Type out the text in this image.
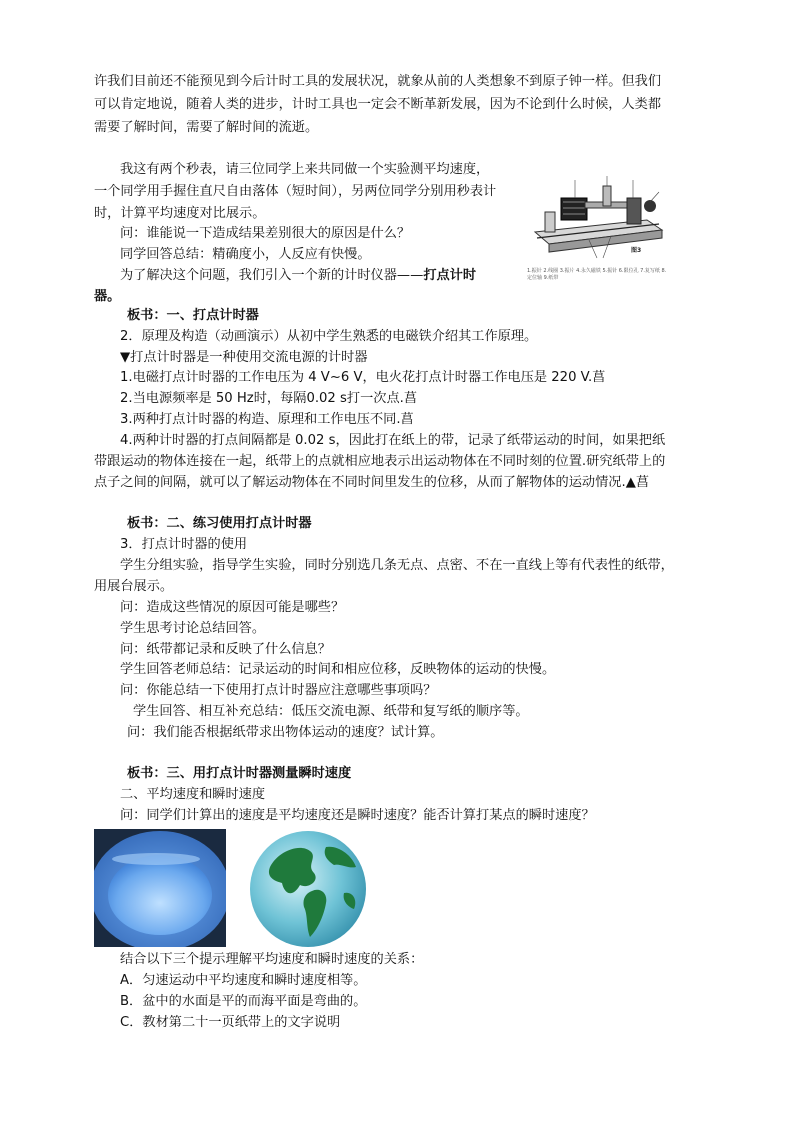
许我们目前还不能预见到今后计时工具的发展状况，就象从前的人类想象不到原子钟一样。但我们
可以肯定地说，随着人类的进步，计时工具也一定会不断革新发展，因为不论到什么时候，人类都
需要了解时间，需要了解时间的流逝。
我这有两个秒表，请三位同学上来共同做一个实验测平均速度，
一个同学用手握住直尺自由落体（短时间），另两位同学分别用秒表计
时，计算平均速度对比展示。
问：谁能说一下造成结果差别很大的原因是什么？
同学回答总结：精确度小，人反应有快慢。
为了解决这个问题，我们引入一个新的计时仪器——打点计时
器。
图3
1.振针 2.线圈 3.振片 4.永久磁铁 5.振针 6.限位孔 7.复写纸 8.定位轴 9.纸带
板书：一、打点计时器
2．原理及构造（动画演示）从初中学生熟悉的电磁铁介绍其工作原理。
▼打点计时器是一种使用交流电源的计时器
1.电磁打点计时器的工作电压为 4 V~6 V，电火花打点计时器工作电压是 220 V.菖
2.当电源频率是 50 Hz时，每隔0.02 s打一次点.菖
3.两种打点计时器的构造、原理和工作电压不同.菖
4.两种计时器的打点间隔都是 0.02 s，因此打在纸上的带，记录了纸带运动的时间，如果把纸
带跟运动的物体连接在一起，纸带上的点就相应地表示出运动物体在不同时刻的位置.研究纸带上的
点子之间的间隔，就可以了解运动物体在不同时间里发生的位移，从而了解物体的运动情况.▲菖
板书：二、练习使用打点计时器
3．打点计时器的使用
学生分组实验，指导学生实验，同时分别选几条无点、点密、不在一直线上等有代表性的纸带，
用展台展示。
问：造成这些情况的原因可能是哪些？
学生思考讨论总结回答。
问：纸带都记录和反映了什么信息？
学生回答老师总结：记录运动的时间和相应位移，反映物体的运动的快慢。
问：你能总结一下使用打点计时器应注意哪些事项吗？
学生回答、相互补充总结：低压交流电源、纸带和复写纸的顺序等。
问：我们能否根据纸带求出物体运动的速度？试计算。
板书：三、用打点计时器测量瞬时速度
二、平均速度和瞬时速度
问：同学们计算出的速度是平均速度还是瞬时速度？能否计算打某点的瞬时速度？
结合以下三个提示理解平均速度和瞬时速度的关系：
A．匀速运动中平均速度和瞬时速度相等。
B．盆中的水面是平的而海平面是弯曲的。
C．教材第二十一页纸带上的文字说明
